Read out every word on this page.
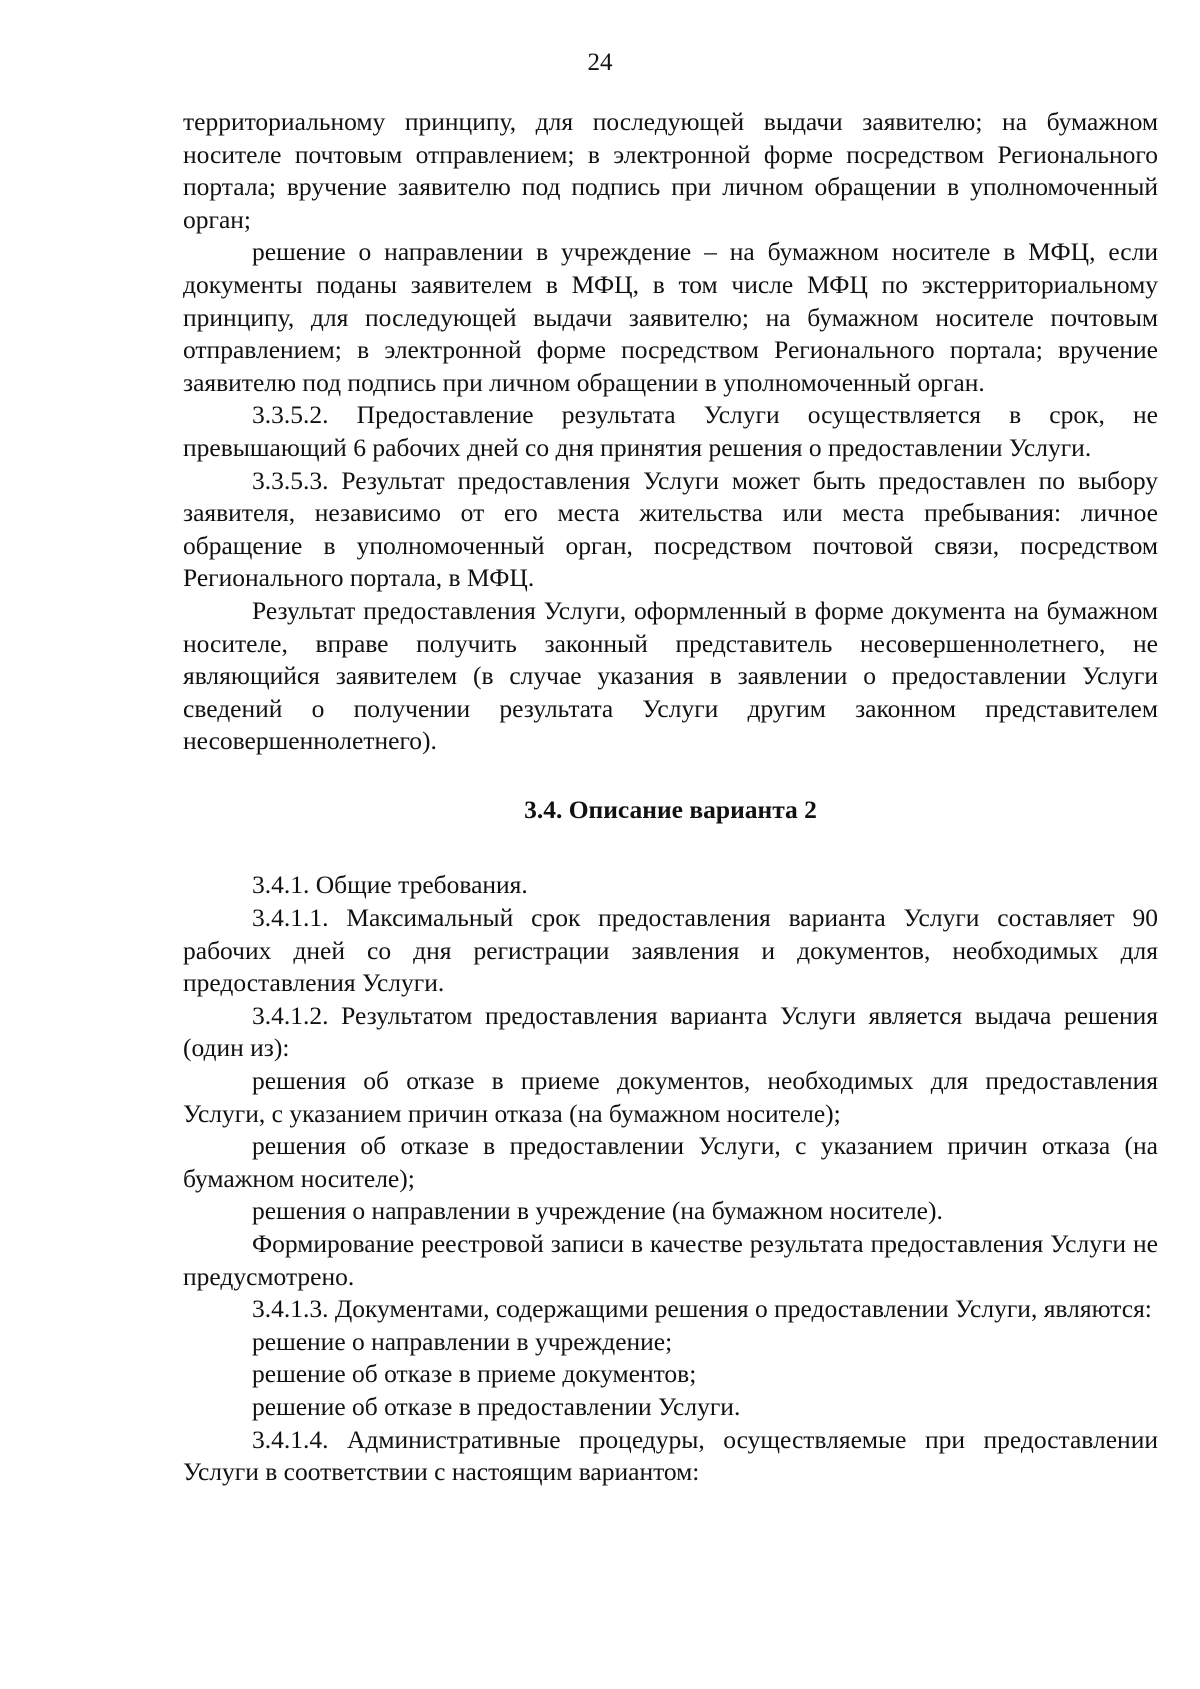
24

территориальному принципу, для последующей выдачи заявителю; на бумажном носителе почтовым отправлением; в электронной форме посредством Регионального портала; вручение заявителю под подпись при личном обращении в уполномоченный орган;

решение о направлении в учреждение – на бумажном носителе в МФЦ, если документы поданы заявителем в МФЦ, в том числе МФЦ по экстерриториальному принципу, для последующей выдачи заявителю; на бумажном носителе почтовым отправлением; в электронной форме посредством Регионального портала; вручение заявителю под подпись при личном обращении в уполномоченный орган.

3.3.5.2. Предоставление результата Услуги осуществляется в срок, не превышающий 6 рабочих дней со дня принятия решения о предоставлении Услуги.

3.3.5.3. Результат предоставления Услуги может быть предоставлен по выбору заявителя, независимо от его места жительства или места пребывания: личное обращение в уполномоченный орган, посредством почтовой связи, посредством Регионального портала, в МФЦ.

Результат предоставления Услуги, оформленный в форме документа на бумажном носителе, вправе получить законный представитель несовершеннолетнего, не являющийся заявителем (в случае указания в заявлении о предоставлении Услуги сведений о получении результата Услуги другим законном представителем несовершеннолетнего).

3.4. Описание варианта 2

3.4.1. Общие требования.

3.4.1.1. Максимальный срок предоставления варианта Услуги составляет 90 рабочих дней со дня регистрации заявления и документов, необходимых для предоставления Услуги.

3.4.1.2. Результатом предоставления варианта Услуги является выдача решения (один из):

решения об отказе в приеме документов, необходимых для предоставления Услуги, с указанием причин отказа (на бумажном носителе);

решения об отказе в предоставлении Услуги, с указанием причин отказа (на бумажном носителе);

решения о направлении в учреждение (на бумажном носителе).

Формирование реестровой записи в качестве результата предоставления Услуги не предусмотрено.

3.4.1.3. Документами, содержащими решения о предоставлении Услуги, являются:

решение о направлении в учреждение;

решение об отказе в приеме документов;

решение об отказе в предоставлении Услуги.

3.4.1.4. Административные процедуры, осуществляемые при предоставлении Услуги в соответствии с настоящим вариантом:
